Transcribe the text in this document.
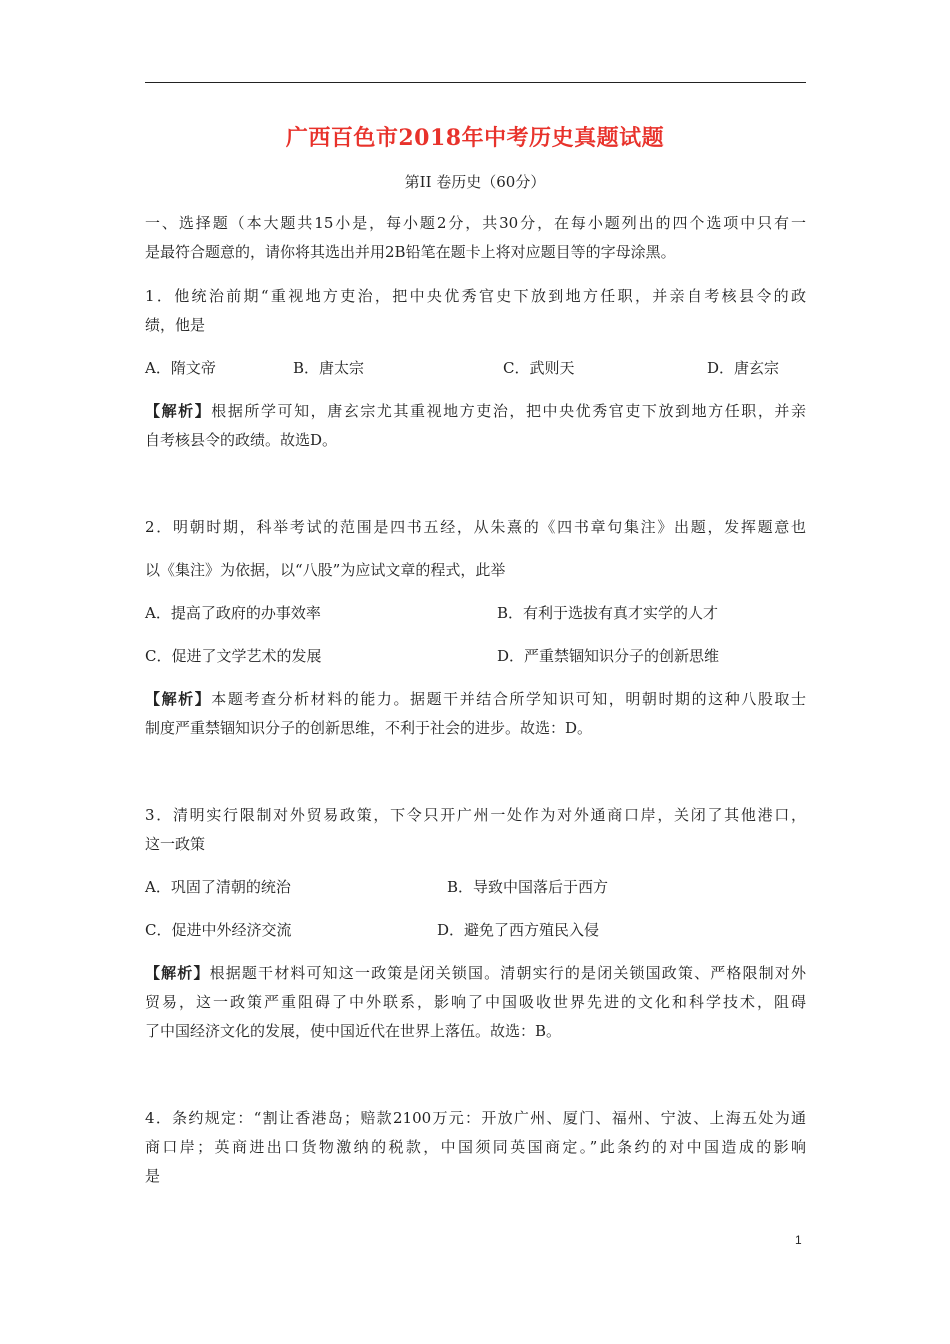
广西百色市2018年中考历史真题试题
第II 卷历史（60分）
一、选择题（本大题共15小是，每小题2分，共30分，在每小题列出的四个选项中只有一
是最符合题意的，请你将其选出并用2B铅笔在题卡上将对应题目等的字母涂黑。
1．他统治前期“重视地方吏治，把中央优秀官史下放到地方任职，并亲自考核县令的政
绩，他是
A．隋文帝	B．唐太宗	C．武则天	D．唐玄宗
【解析】根据所学可知，唐玄宗尤其重视地方吏治，把中央优秀官吏下放到地方任职，并亲
自考核县令的政绩。故选D。
2．明朝时期，科举考试的范围是四书五经，从朱熹的《四书章句集注》出题，发挥题意也
以《集注》为依据，以“八股”为应试文章的程式，此举
A．提高了政府的办事效率	B．有利于选拔有真才实学的人才
C．促进了文学艺术的发展	D．严重禁锢知识分子的创新思维
【解析】本题考查分析材料的能力。据题干并结合所学知识可知，明朝时期的这种八股取士
制度严重禁锢知识分子的创新思维，不利于社会的进步。故选：D。
3．清明实行限制对外贸易政策，下令只开广州一处作为对外通商口岸，关闭了其他港口，
这一政策
A．巩固了清朝的统治	B．导致中国落后于西方
C．促进中外经济交流	D．避免了西方殖民入侵
【解析】根据题干材料可知这一政策是闭关锁国。清朝实行的是闭关锁国政策、严格限制对外
贸易，这一政策严重阻碍了中外联系，影响了中国吸收世界先进的文化和科学技术，阻碍
了中国经济文化的发展，使中国近代在世界上落伍。故选：B。
4．条约规定：“割让香港岛；赔款2100万元：开放广州、厦门、福州、宁波、上海五处为通
商口岸；英商进出口货物激纳的税款，中国须同英国商定。”此条约的对中国造成的影响
是
1
